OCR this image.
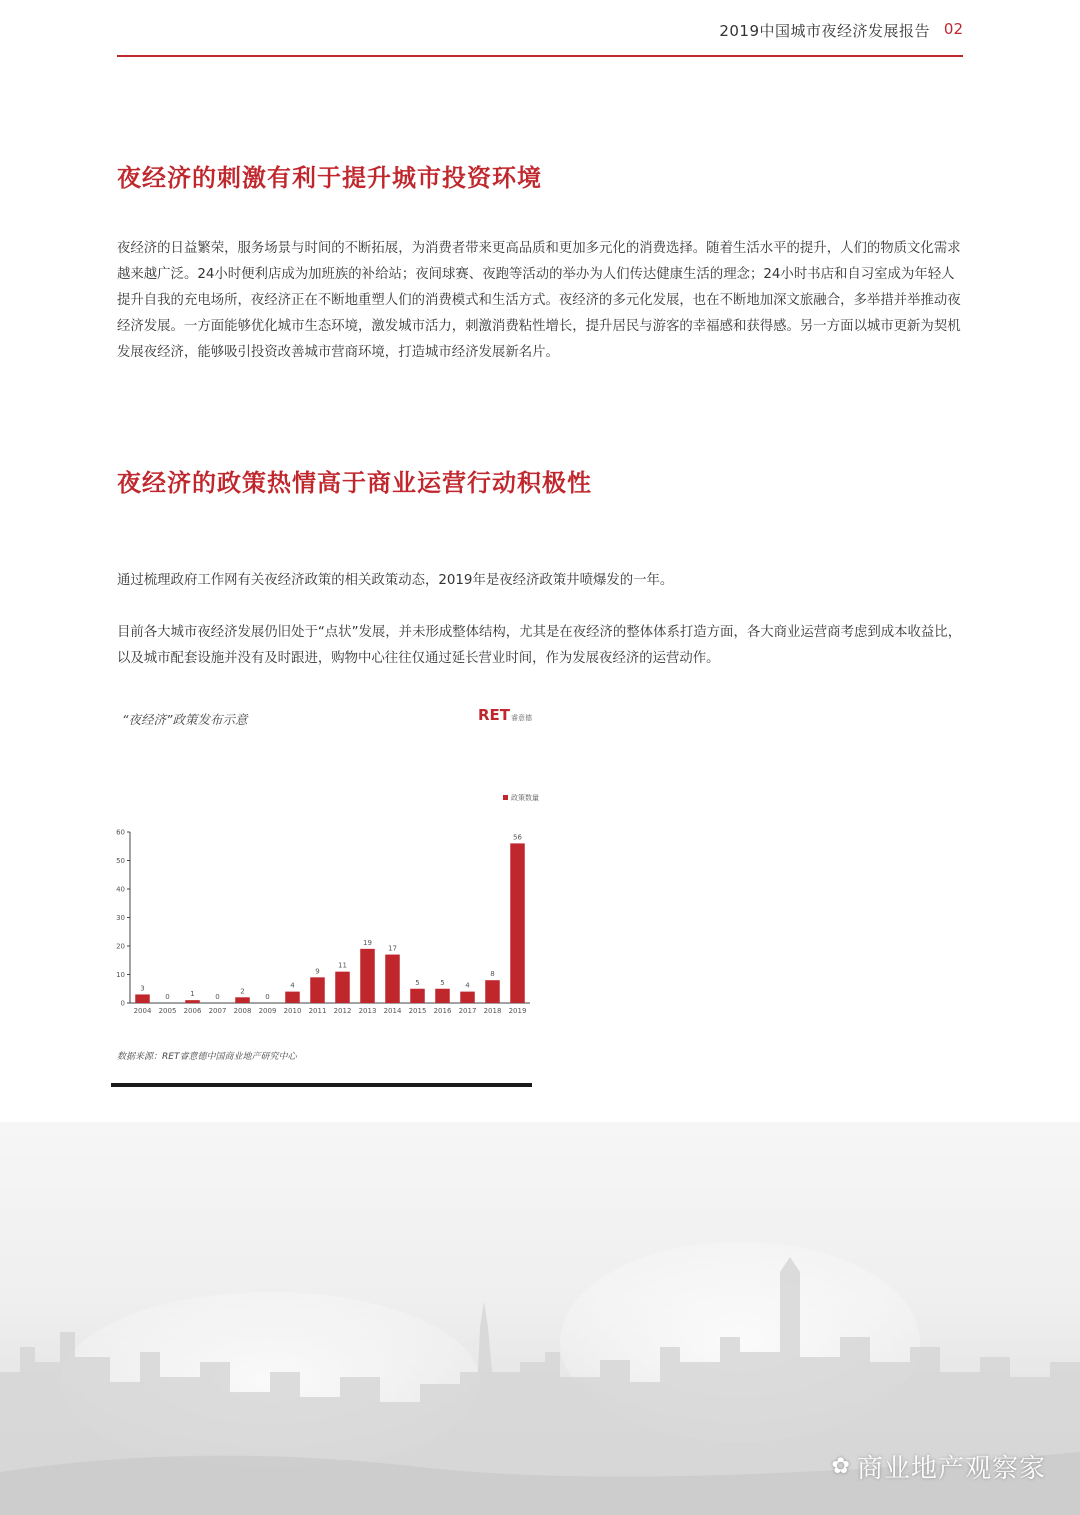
2019中国城市夜经济发展报告 02
夜经济的刺激有利于提升城市投资环境
夜经济的日益繁荣，服务场景与时间的不断拓展，为消费者带来更高品质和更加多元化的消费选择。随着生活水平的提升，人们的物质文化需求越来越广泛。24小时便利店成为加班族的补给站；夜间球赛、夜跑等活动的举办为人们传达健康生活的理念；24小时书店和自习室成为年轻人提升自我的充电场所，夜经济正在不断地重塑人们的消费模式和生活方式。夜经济的多元化发展，也在不断地加深文旅融合，多举措并举推动夜经济发展。一方面能够优化城市生态环境，激发城市活力，刺激消费粘性增长，提升居民与游客的幸福感和获得感。另一方面以城市更新为契机发展夜经济，能够吸引投资改善城市营商环境，打造城市经济发展新名片。
夜经济的政策热情高于商业运营行动积极性
通过梳理政府工作网有关夜经济政策的相关政策动态，2019年是夜经济政策井喷爆发的一年。
目前各大城市夜经济发展仍旧处于“点状”发展，并未形成整体结构，尤其是在夜经济的整体体系打造方面，各大商业运营商考虑到成本收益比，以及城市配套设施并没有及时跟进，购物中心往往仅通过延长营业时间，作为发展夜经济的运营动作。
“夜经济”政策发布示意	RET睿意德
政策数量
0
10
20
30
40
50
60
2004 2005 2006 2007 2008 2009 2010 2011 2012 2013 2014 2015 2016 2017 2018 2019
3
0	1	0
2
0
4
9
11
19
17
5	5	4
8
56
数据来源：RET睿意德中国商业地产研究中心
✿ 商业地产观察家
